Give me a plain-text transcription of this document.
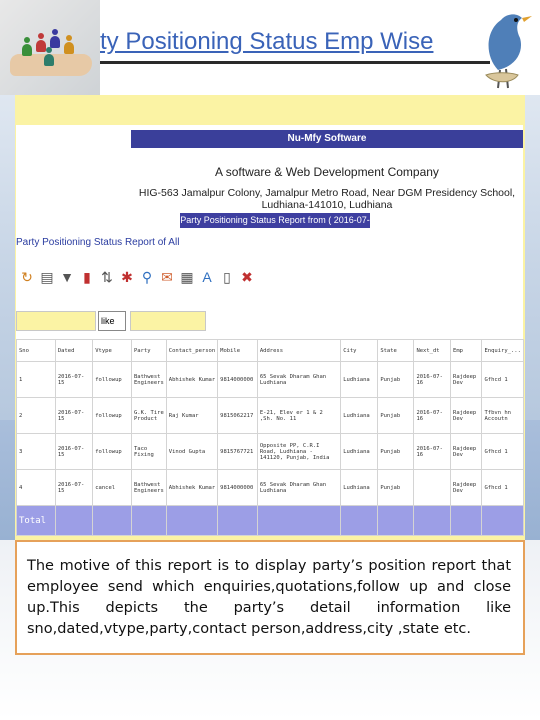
ty Positioning Status Emp Wise
Nu-Mfy Software
A software & Web Development Company
HIG-563 Jamalpur Colony, Jamalpur Metro Road, Near DGM Presidency School, Ludhiana-141010, Ludhiana
Party Positioning Status Report from ( 2016-07-15 to 2016-07-15 )
Party Positioning Status Report of All
↻ ▤ ▼ ▮ ⇅ ✱ ⚲ ✉ ▦ A ▯ ✖
like
Sno	Dated	Vtype	Party	Contact_person	Mobile	Address	City	State	Next_dt	Emp	Enquiry_...
1	2016-07-15	followup	Bathwest Engineers	Abhishek Kumar	9814000000	65 Sevak Dharam Ghan Ludhiana	Ludhiana	Punjab	2016-07-16	Rajdeep Dev	Gfhcd 1
2	2016-07-15	followup	G.K. Tire Product	Raj Kumar	9815062217	E-21, Elev er 1 & 2 ,Sh. No. 11	Ludhiana	Punjab	2016-07-16	Rajdeep Dev	Tfbvn hn Accoutn
3	2016-07-15	followup	Taco Fixing	Vinod Gupta	9815767721	Opposite PP, C.R.I Road, Ludhiana - 141120, Punjab, India	Ludhiana	Punjab	2016-07-16	Rajdeep Dev	Gfhcd 1
4	2016-07-15	cancel	Bathwest Engineers	Abhishek Kumar	9814000000	65 Sevak Dharam Ghan Ludhiana	Ludhiana	Punjab		Rajdeep Dev	Gfhcd 1
Total											
The motive of this report is to display party’s position report that employee send which enquiries,quotations,follow up and close up.This depicts the party’s detail information like sno,dated,vtype,party,contact person,address,city ,state etc.
